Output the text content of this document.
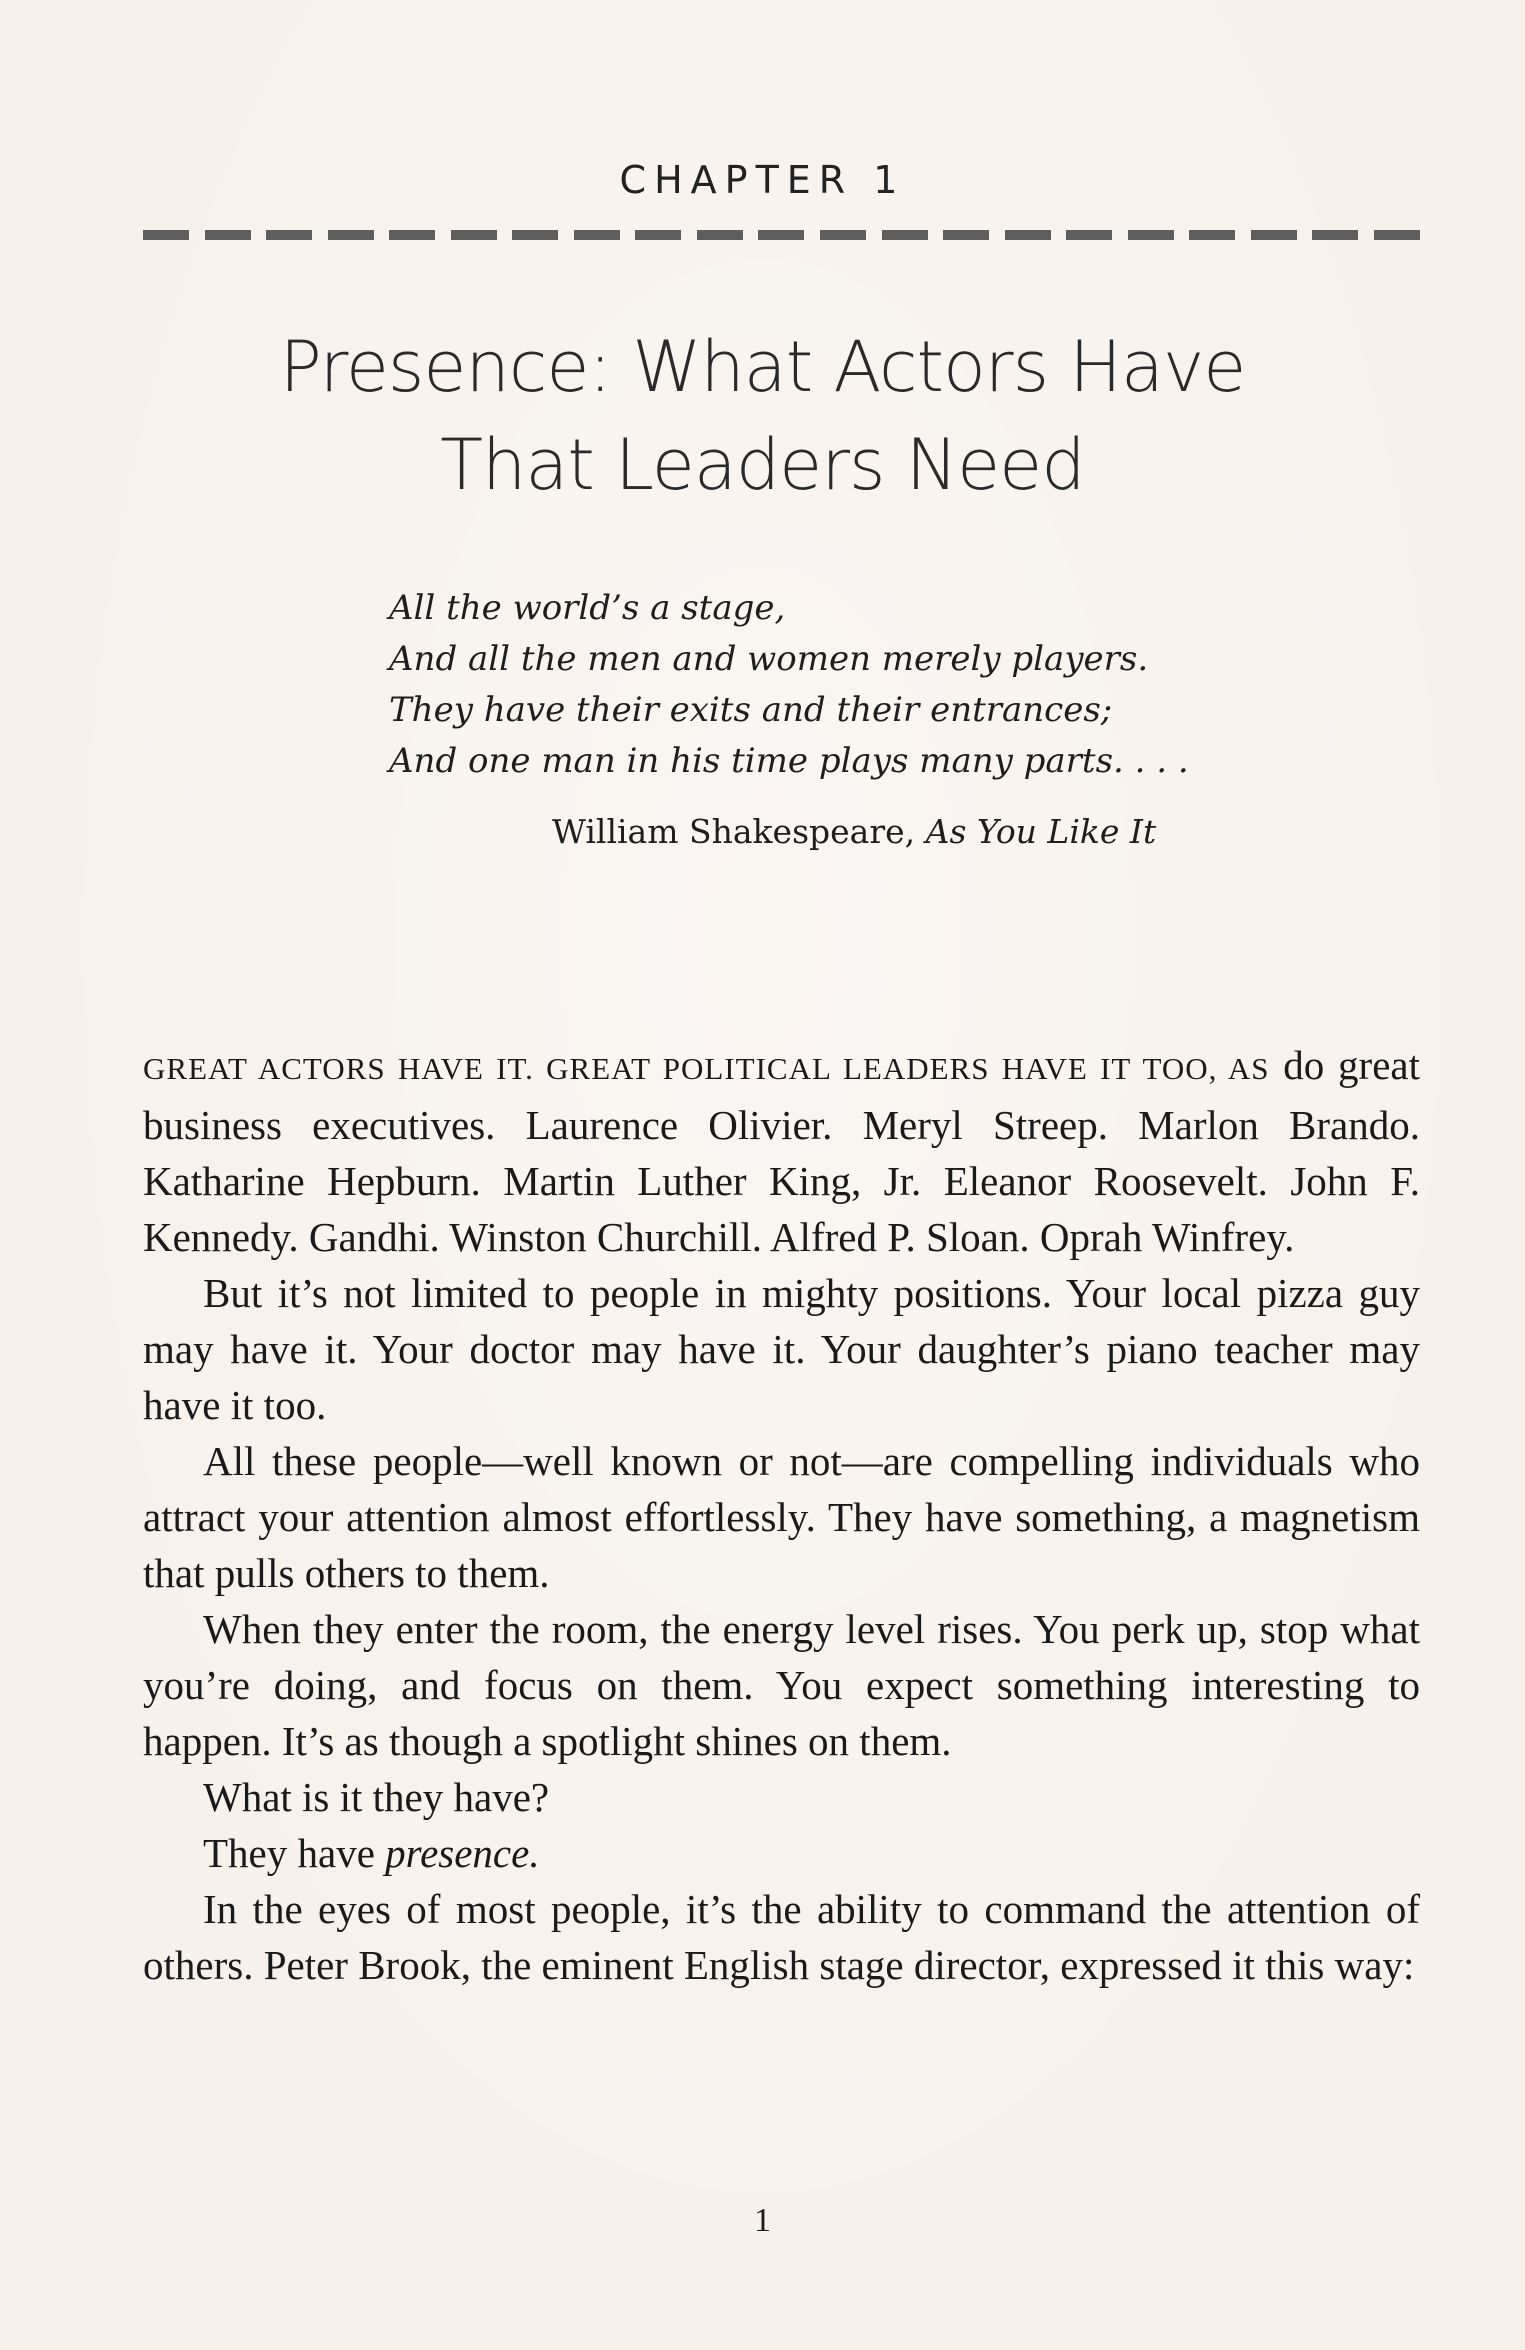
CHAPTER 1
Presence: What Actors Have
That Leaders Need
All the world’s a stage,
And all the men and women merely players.
They have their exits and their entrances;
And one man in his time plays many parts. . . .
William Shakespeare, As You Like It

GREAT ACTORS HAVE IT. GREAT POLITICAL LEADERS HAVE IT TOO, AS do great business executives. Laurence Olivier. Meryl Streep. Marlon Brando. Katharine Hepburn. Martin Luther King, Jr. Eleanor Roosevelt. John F. Kennedy. Gandhi. Winston Churchill. Alfred P. Sloan. Oprah Winfrey.

But it’s not limited to people in mighty positions. Your local pizza guy may have it. Your doctor may have it. Your daughter’s piano teacher may have it too.

All these people—well known or not—are compelling individuals who attract your attention almost effortlessly. They have something, a magnetism that pulls others to them.

When they enter the room, the energy level rises. You perk up, stop what you’re doing, and focus on them. You expect something interesting to happen. It’s as though a spotlight shines on them.

What is it they have?

They have presence.

In the eyes of most people, it’s the ability to command the attention of others. Peter Brook, the eminent English stage director, expressed it this way:

1
